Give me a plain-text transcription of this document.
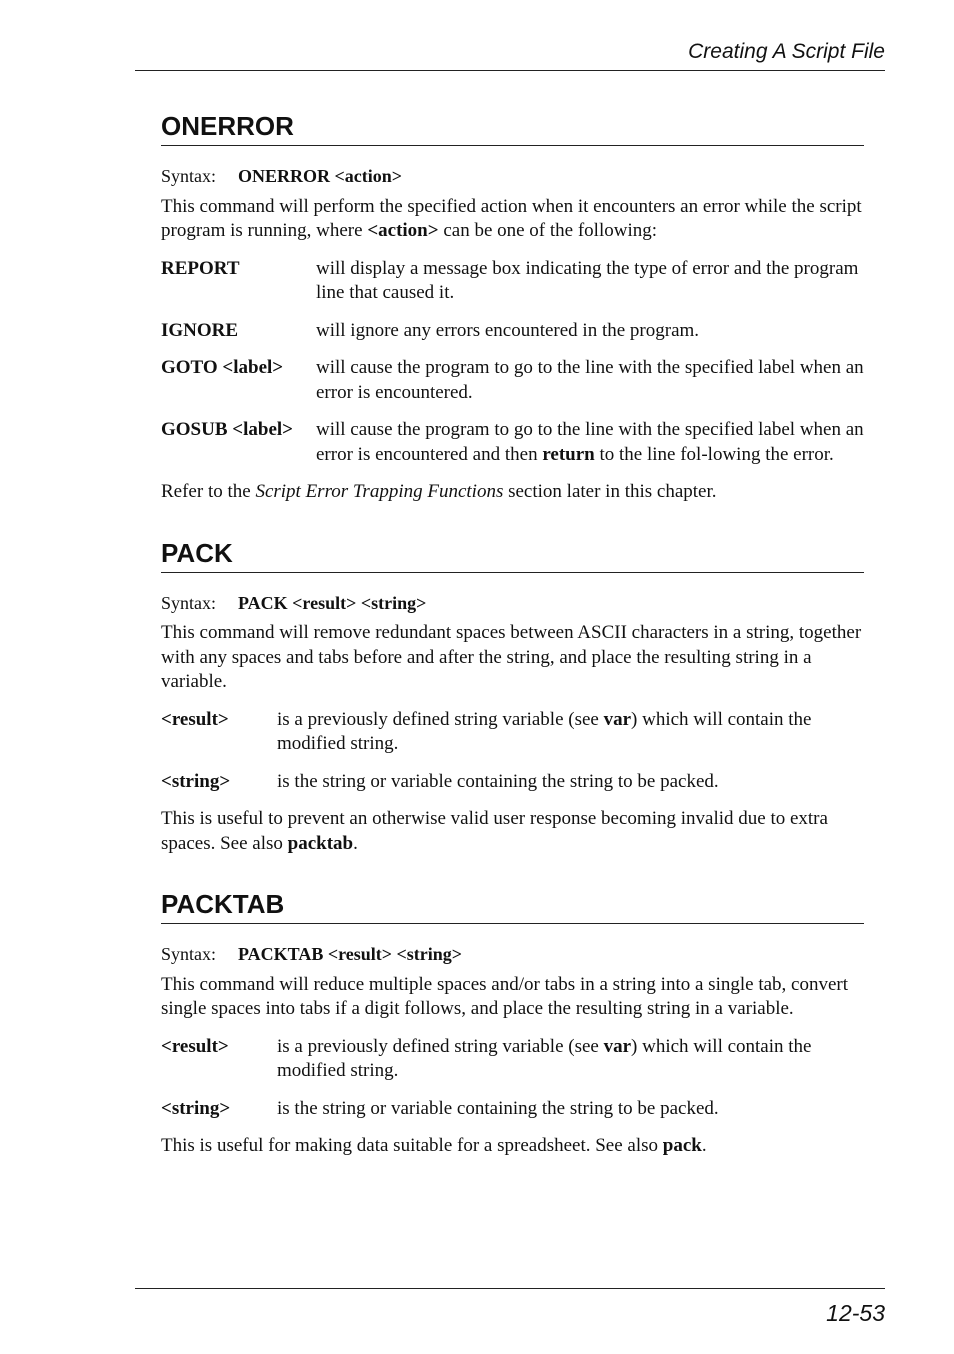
Creating A Script File
ONERROR
Syntax: ONERROR <action>

This command will perform the specified action when it encounters an error while the script program is running, where <action> can be one of the following:

REPORT	will display a message box indicating the type of error and the program line that caused it.
IGNORE	will ignore any errors encountered in the program.
GOTO <label>	will cause the program to go to the line with the specified label when an error is encountered.
GOSUB <label>	will cause the program to go to the line with the specified label when an error is encountered and then return to the line fol-lowing the error.

Refer to the Script Error Trapping Functions section later in this chapter.

PACK
Syntax: PACK <result> <string>

This command will remove redundant spaces between ASCII characters in a string, together with any spaces and tabs before and after the string, and place the resulting string in a variable.

<result>	is a previously defined string variable (see var) which will contain the modified string.
<string>	is the string or variable containing the string to be packed.

This is useful to prevent an otherwise valid user response becoming invalid due to extra spaces. See also packtab.

PACKTAB
Syntax: PACKTAB <result> <string>

This command will reduce multiple spaces and/or tabs in a string into a single tab, convert single spaces into tabs if a digit follows, and place the resulting string in a variable.

<result>	is a previously defined string variable (see var) which will contain the modified string.
<string>	is the string or variable containing the string to be packed.

This is useful for making data suitable for a spreadsheet. See also pack.

12-53
